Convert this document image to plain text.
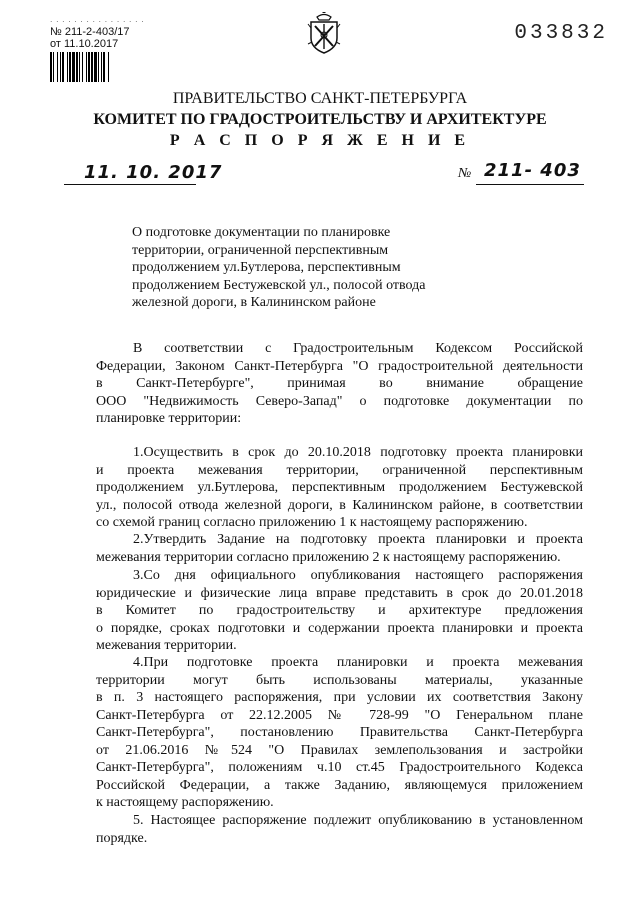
· · · · · · · · · · · · · · · ·
№ 211-2-403/17
от 11.10.2017	033832
ПРАВИТЕЛЬСТВО САНКТ-ПЕТЕРБУРГА
КОМИТЕТ ПО ГРАДОСТРОИТЕЛЬСТВУ И АРХИТЕКТУРЕ
Р А С П О Р Я Ж Е Н И Е
11. 10. 2017	№ 211- 403
О подготовке документации по планировке
территории, ограниченной перспективным
продолжением ул.Бутлерова, перспективным
продолжением Бестужевской ул., полосой отвода
железной дороги, в Калининском районе
В соответствии с Градостроительным Кодексом Российской
Федерации, Законом Санкт-Петербурга "О градостроительной деятельности
в Санкт-Петербурге", принимая во внимание обращение
ООО "Недвижимость Северо-Запад" о подготовке документации по
планировке территории:
1.Осуществить в срок до 20.10.2018 подготовку проекта планировки
и проекта межевания территории, ограниченной перспективным
продолжением ул.Бутлерова, перспективным продолжением Бестужевской
ул., полосой отвода железной дороги, в Калининском районе, в соответствии
со схемой границ согласно приложению 1 к настоящему распоряжению.
2.Утвердить Задание на подготовку проекта планировки и проекта
межевания территории согласно приложению 2 к настоящему распоряжению.
3.Со дня официального опубликования настоящего распоряжения
юридические и физические лица вправе представить в срок до 20.01.2018
в Комитет по градостроительству и архитектуре предложения
о порядке, сроках подготовки и содержании проекта планировки и проекта
межевания территории.
4.При подготовке проекта планировки и проекта межевания
территории могут быть использованы материалы, указанные
в п. 3 настоящего распоряжения, при условии их соответствия Закону
Санкт-Петербурга от 22.12.2005 № 728-99 "О Генеральном плане
Санкт-Петербурга", постановлению Правительства Санкт-Петербурга
от 21.06.2016 №524 "О Правилах землепользования и застройки
Санкт-Петербурга", положениям ч.10 ст.45 Градостроительного Кодекса
Российской Федерации, а также Заданию, являющемуся приложением
к настоящему распоряжению.
5. Настоящее распоряжение подлежит опубликованию в установленном
порядке.
